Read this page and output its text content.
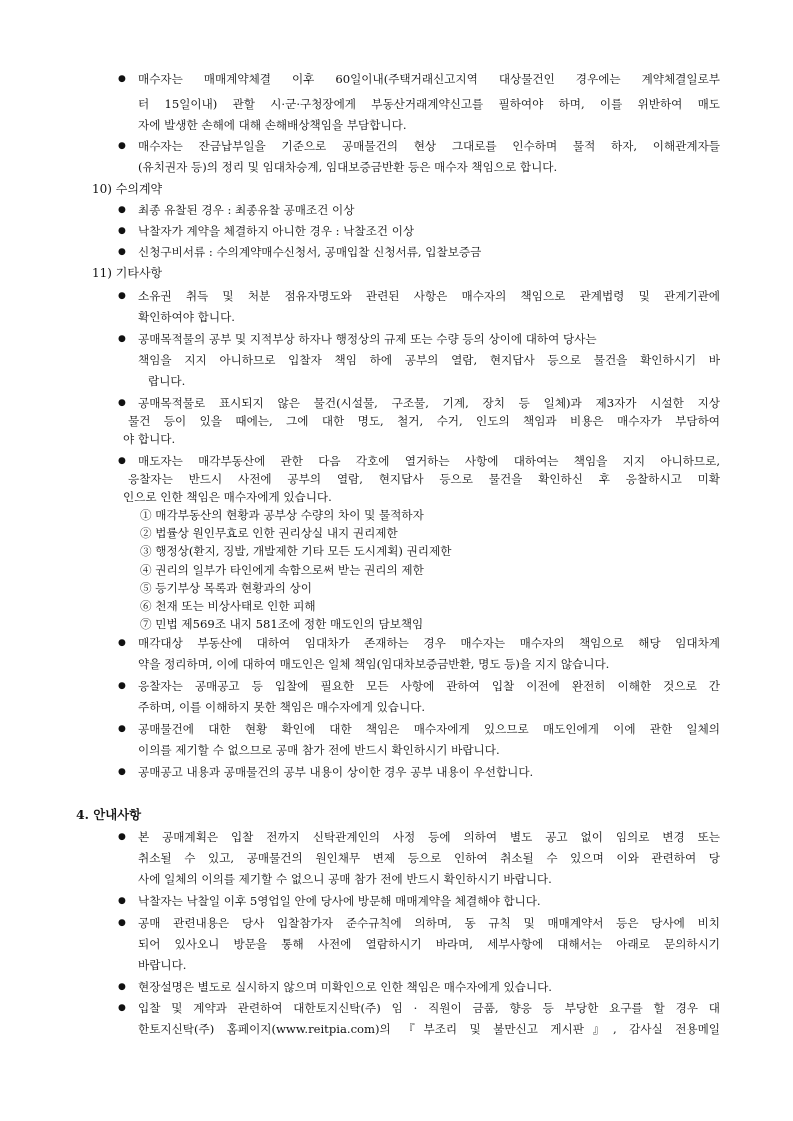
● 매수자는 매매계약체결 이후 60일이내(주택거래신고지역 대상물건인 경우에는 계약체결일로부
터 15일이내) 관할 시·군·구청장에게 부동산거래계약신고를 필하여야 하며, 이를 위반하여 매도
자에 발생한 손해에 대해 손해배상책임을 부담합니다.
● 매수자는 잔금납부일을 기준으로 공매물건의 현상 그대로를 인수하며 물적 하자, 이해관계자들
(유치권자 등)의 정리 및 임대차승계, 임대보증금반환 등은 매수자 책임으로 합니다.
10) 수의계약
● 최종 유찰된 경우 : 최종유찰 공매조건 이상
● 낙찰자가 계약을 체결하지 아니한 경우 : 낙찰조건 이상
● 신청구비서류 : 수의계약매수신청서, 공매입찰 신청서류, 입찰보증금
11) 기타사항
● 소유권 취득 및 처분 점유자명도와 관련된 사항은 매수자의 책임으로 관계법령 및 관계기관에
확인하여야 합니다.
● 공매목적물의 공부 및 지적부상 하자나 행정상의 규제 또는 수량 등의 상이에 대하여 당사는
책임을 지지 아니하므로 입찰자 책임 하에 공부의 열람, 현지답사 등으로 물건을 확인하시기 바
랍니다.
● 공매목적물로 표시되지 않은 물건(시설물, 구조물, 기계, 장치 등 일체)과 제3자가 시설한 지상
물건 등이 있을 때에는, 그에 대한 명도, 철거, 수거, 인도의 책임과 비용은 매수자가 부담하여
야 합니다.
● 매도자는 매각부동산에 관한 다음 각호에 열거하는 사항에 대하여는 책임을 지지 아니하므로,
응찰자는 반드시 사전에 공부의 열람, 현지답사 등으로 물건을 확인하신 후 응찰하시고 미확
인으로 인한 책임은 매수자에게 있습니다.
① 매각부동산의 현황과 공부상 수량의 차이 및 물적하자
② 법률상 원인무효로 인한 권리상실 내지 권리제한
③ 행정상(환지, 징발, 개발제한 기타 모든 도시계획) 권리제한
④ 권리의 일부가 타인에게 속함으로써 받는 권리의 제한
⑤ 등기부상 목록과 현황과의 상이
⑥ 천재 또는 비상사태로 인한 피해
⑦ 민법 제569조 내지 581조에 정한 매도인의 담보책임
● 매각대상 부동산에 대하여 임대차가 존재하는 경우 매수자는 매수자의 책임으로 해당 임대차계
약을 정리하며, 이에 대하여 매도인은 일체 책임(임대차보증금반환, 명도 등)을 지지 않습니다.
● 응찰자는 공매공고 등 입찰에 필요한 모든 사항에 관하여 입찰 이전에 완전히 이해한 것으로 간
주하며, 이를 이해하지 못한 책임은 매수자에게 있습니다.
● 공매물건에 대한 현황 확인에 대한 책임은 매수자에게 있으므로 매도인에게 이에 관한 일체의
이의를 제기할 수 없으므로 공매 참가 전에 반드시 확인하시기 바랍니다.
● 공매공고 내용과 공매물건의 공부 내용이 상이한 경우 공부 내용이 우선합니다.
4. 안내사항
● 본 공매계획은 입찰 전까지 신탁관계인의 사정 등에 의하여 별도 공고 없이 임의로 변경 또는
취소될 수 있고, 공매물건의 원인채무 변제 등으로 인하여 취소될 수 있으며 이와 관련하여 당
사에 일체의 이의를 제기할 수 없으니 공매 참가 전에 반드시 확인하시기 바랍니다.
● 낙찰자는 낙찰일 이후 5영업일 안에 당사에 방문해 매매계약을 체결해야 합니다.
● 공매 관련내용은 당사 입찰참가자 준수규칙에 의하며, 동 규칙 및 매매계약서 등은 당사에 비치
되어 있사오니 방문을 통해 사전에 열람하시기 바라며, 세부사항에 대해서는 아래로 문의하시기
바랍니다.
● 현장설명은 별도로 실시하지 않으며 미확인으로 인한 책임은 매수자에게 있습니다.
● 입찰 및 계약과 관련하여 대한토지신탁(주) 임 · 직원이 금품, 향응 등 부당한 요구를 할 경우 대
한토지신탁(주) 홈페이지(www.reitpia.com)의 『부조리 및 불만신고 게시판』, 감사실 전용메일
